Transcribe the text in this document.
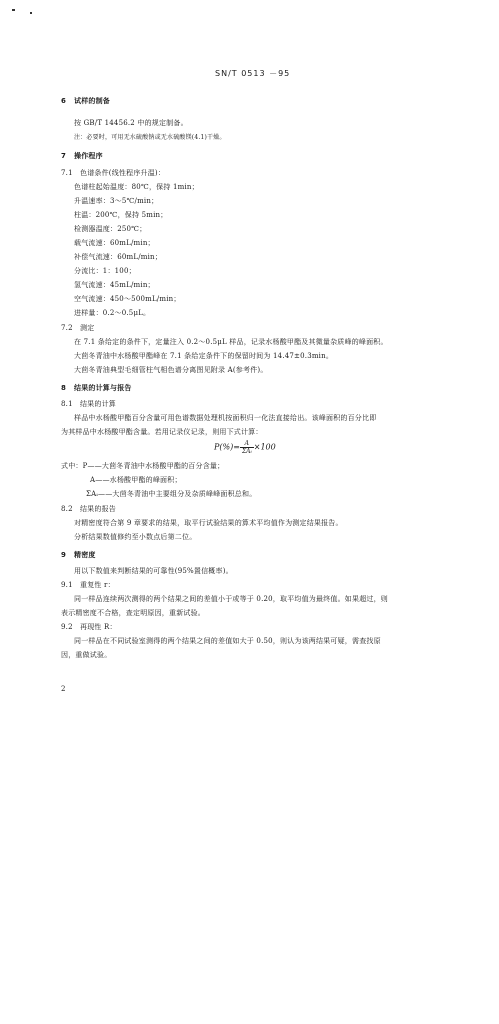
SN/T 0513 －95
6 试样的制备
按 GB/T 14456.2 中的规定制备。
注：必要时，可用无水硫酸钠或无水硫酸镁(4.1)干燥。
7 操作程序
7.1 色谱条件(线性程序升温)：
色谱柱起始温度：80℃，保持 1min；
升温速率：3～5℃/min；
柱温：200℃，保持 5min；
检测器温度：250℃；
载气流速：60mL/min；
补偿气流速：60mL/min；
分流比：1：100；
氢气流速：45mL/min；
空气流速：450～500mL/min；
进样量：0.2～0.5μL。
7.2 测定
在 7.1 条给定的条件下，定量注入 0.2～0.5μL 样品，记录水杨酸甲酯及其微量杂质峰的峰面积。
大茴冬青油中水杨酸甲酯峰在 7.1 条给定条件下的保留时间为 14.47±0.3min。
大茴冬青油典型毛细管柱气相色谱分离图见附录 A(参考件)。
8 结果的计算与报告
8.1 结果的计算
样品中水杨酸甲酯百分含量可用色谱数据处理机按面积归一化法直接给出。该峰面积的百分比即
为其样品中水杨酸甲酯含量。若用记录仪记录，则用下式计算：
$P(\%)= \frac{A}{\text{ΣAᵢ}} \times 100$
式中：P——大茴冬青油中水杨酸甲酯的百分含量；
A——水杨酸甲酯的峰面积；
ΣAᵢ——大茴冬青油中主要组分及杂质峰峰面积总和。
8.2 结果的报告
对精密度符合第 9 章要求的结果，取平行试验结果的算术平均值作为测定结果报告。
分析结果数值修约至小数点后第二位。
9 精密度
用以下数值来判断结果的可靠性(95%置信概率)。
9.1 重复性 r：
同一样品连续两次测得的两个结果之间的差值小于或等于 0.20，取平均值为最终值。如果超过，则
表示精密度不合格，查定明原因，重新试验。
9.2 再现性 R：
同一样品在不同试验室测得的两个结果之间的差值如大于 0.50，则认为该两结果可疑，需查找原
因，重做试验。
2
